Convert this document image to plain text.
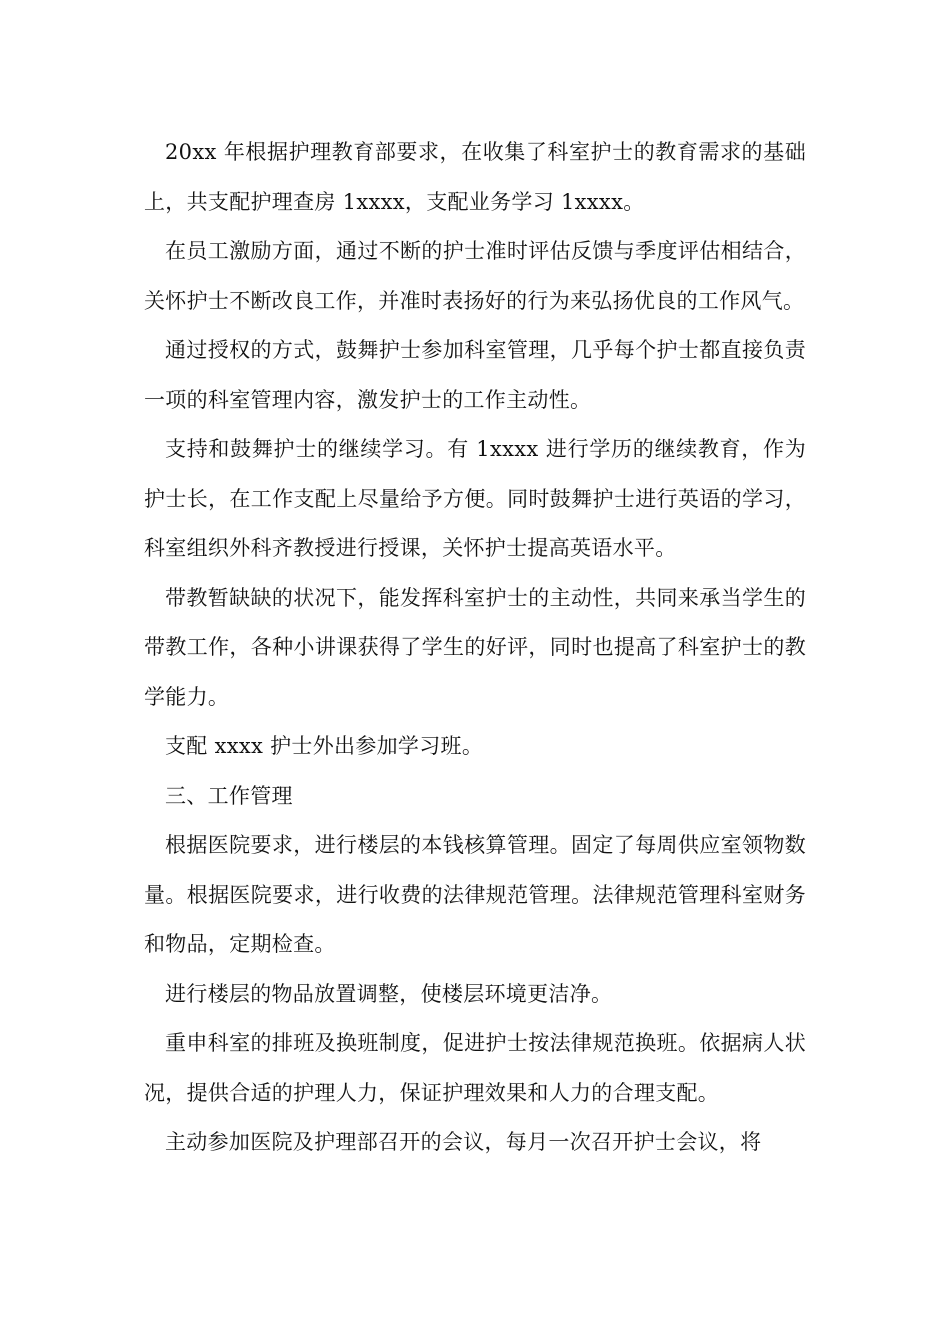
20xx 年根据护理教育部要求，在收集了科室护士的教育需求的基础上，共支配护理查房 1xxxx，支配业务学习 1xxxx。

在员工激励方面，通过不断的护士准时评估反馈与季度评估相结合，关怀护士不断改良工作，并准时表扬好的行为来弘扬优良的工作风气。

通过授权的方式，鼓舞护士参加科室管理，几乎每个护士都直接负责一项的科室管理内容，激发护士的工作主动性。

支持和鼓舞护士的继续学习。有 1xxxx 进行学历的继续教育，作为护士长，在工作支配上尽量给予方便。同时鼓舞护士进行英语的学习，科室组织外科齐教授进行授课，关怀护士提高英语水平。

带教暂缺缺的状况下，能发挥科室护士的主动性，共同来承当学生的带教工作，各种小讲课获得了学生的好评，同时也提高了科室护士的教学能力。

支配 xxxx 护士外出参加学习班。

三、工作管理

根据医院要求，进行楼层的本钱核算管理。固定了每周供应室领物数量。根据医院要求，进行收费的法律规范管理。法律规范管理科室财务和物品，定期检查。

进行楼层的物品放置调整，使楼层环境更洁净。

重申科室的排班及换班制度，促进护士按法律规范换班。依据病人状况，提供合适的护理人力，保证护理效果和人力的合理支配。

主动参加医院及护理部召开的会议，每月一次召开护士会议，将
